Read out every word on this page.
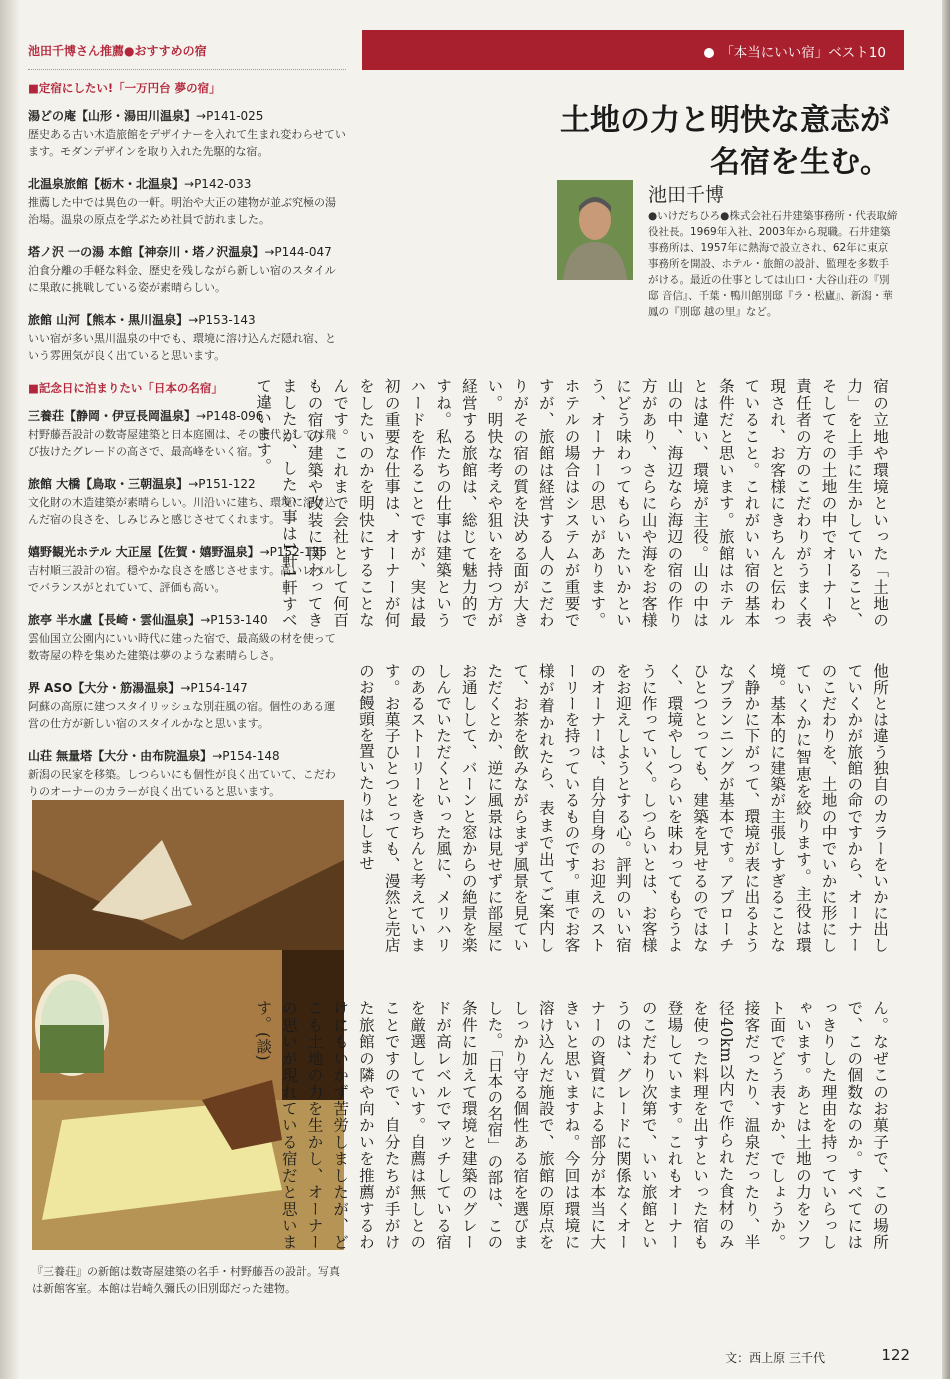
池田千博さん推薦●おすすめの宿
■定宿にしたい!「一万円台 夢の宿」
湯どの庵【山形・湯田川温泉】→P141-025
歴史ある古い木造旅館をデザイナーを入れて生まれ変わらせています。モダンデザインを取り入れた先駆的な宿。
北温泉旅館【栃木・北温泉】→P142-033
推薦した中では異色の一軒。明治や大正の建物が並ぶ究極の湯治場。温泉の原点を学ぶため社員で訪れました。
塔ノ沢 一の湯 本館【神奈川・塔ノ沢温泉】→P144-047
泊食分離の手軽な料金、歴史を残しながら新しい宿のスタイルに果敢に挑戦している姿が素晴らしい。
旅館 山河【熊本・黒川温泉】→P153-143
いい宿が多い黒川温泉の中でも、環境に溶け込んだ隠れ宿、という雰囲気が良く出ていると思います。
■記念日に泊まりたい「日本の名宿」
三養荘【静岡・伊豆長岡温泉】→P148-096
村野藤吾設計の数寄屋建築と日本庭園は、その時代としては飛び抜けたグレードの高さで、最高峰をいく宿。
旅館 大橋【鳥取・三朝温泉】→P151-122
文化財の木造建築が素晴らしい。川沿いに建ち、環境に溶け込んだ宿の良さを、しみじみと感じさせてくれます。
嬉野観光ホテル 大正屋【佐賀・嬉野温泉】→P152-135
吉村順三設計の宿。穏やかな良さを感じさせます。高いレベルでバランスがとれていて、評価も高い。
旅亭 半水盧【長崎・雲仙温泉】→P153-140
雲仙国立公園内にいい時代に建った宿で、最高級の材を使って数寄屋の粋を集めた建築は夢のような素晴らしさ。
界 ASO【大分・筋湯温泉】→P154-147
阿蘇の高原に建つスタイリッシュな別荘風の宿。個性のある運営の仕方が新しい宿のスタイルかなと思います。
山荘 無量塔【大分・由布院温泉】→P154-148
新潟の民家を移築。しつらいにも個性が良く出ていて、こだわりのオーナーのカラーが良く出ていると思います。
『三養荘』の新館は数寄屋建築の名手・村野藤吾の設計。写真は新館客室。本館は岩崎久彌氏の旧別邸だった建物。
「本当にいい宿」ベスト10
土地の力と明快な意志が
名宿を生む。
池田千博
●いけだちひろ●株式会社石井建築事務所・代表取締役社長。1969年入社、2003年から現職。石井建築事務所は、1957年に熱海で設立され、62年に東京事務所を開設、ホテル・旅館の設計、監理を多数手がける。最近の仕事としては山口・大谷山荘の『別邸 音信』、千葉・鴨川館別邸『ラ・松廬』、新潟・華鳳の『別邸 越の里』など。
宿の立地や環境といった「土地の力」を上手に生かしていること、そしてその土地の中でオーナーや責任者の方のこだわりがうまく表現され、お客様にきちんと伝わっていること。これがいい宿の基本条件だと思います。旅館はホテルとは違い、環境が主役。山の中は山の中、海辺なら海辺の宿の作り方があり、さらに山や海をお客様にどう味わってもらいたいかという、オーナーの思いがあります。ホテルの場合はシステムが重要ですが、旅館は経営する人のこだわりがその宿の質を決める面が大きい。明快な考えや狙いを持つ方が経営する旅館は、総じて魅力的ですね。私たちの仕事は建築というハードを作ることですが、実は最初の重要な仕事は、オーナーが何をしたいのかを明快にすることなんです。これまで会社として何百もの宿の建築や改装に関わってきましたが、したい事は1軒1軒すべて違います。
他所とは違う独自のカラーをいかに出していくかが旅館の命ですから、オーナーのこだわりを、土地の中でいかに形にしていくかに智恵を絞ります。主役は環境。基本的に建築が主張しすぎることなく静かに下がって、環境が表に出るようなプランニングが基本です。アプローチひとつとっても、建築を見せるのではなく、環境やしつらいを味わってもらうように作っていく。しつらいとは、お客様をお迎えしようとする心。評判のいい宿のオーナーは、自分自身のお迎えのストーリーを持っているものです。車でお客様が着かれたら、表まで出てご案内して、お茶を飲みながらまず風景を見ていただくとか、逆に風景は見せずに部屋にお通しして、バーンと窓からの絶景を楽しんでいただくといった風に、メリハリのあるストーリーをきちんと考えています。お菓子ひとつとっても、漫然と売店のお饅頭を置いたりはしませ
ん。なぜこのお菓子で、この場所で、この個数なのか。すべてにはっきりした理由を持っていらっしゃいます。あとは土地の力をソフト面でどう表すか、でしょうか。接客だったり、温泉だったり、半径40km以内で作られた食材のみを使った料理を出すといった宿も登場しています。これもオーナーのこだわり次第で、いい旅館というのは、グレードに関係なくオーナーの資質による部分が本当に大きいと思いますね。今回は環境に溶け込んだ施設で、旅館の原点をしっかり守る個性ある宿を選びました。「日本の名宿」の部は、この条件に加えて環境と建築のグレードが高レベルでマッチしている宿を厳選していす。自薦は無しとのことですので、自分たちが手がけた旅館の隣や向かいを推薦するわけにもいかず苦労しましたが、どこも土地の力を生かし、オーナーの思いが現れている宿だと思います。(談)
文：西上原 三千代	122
